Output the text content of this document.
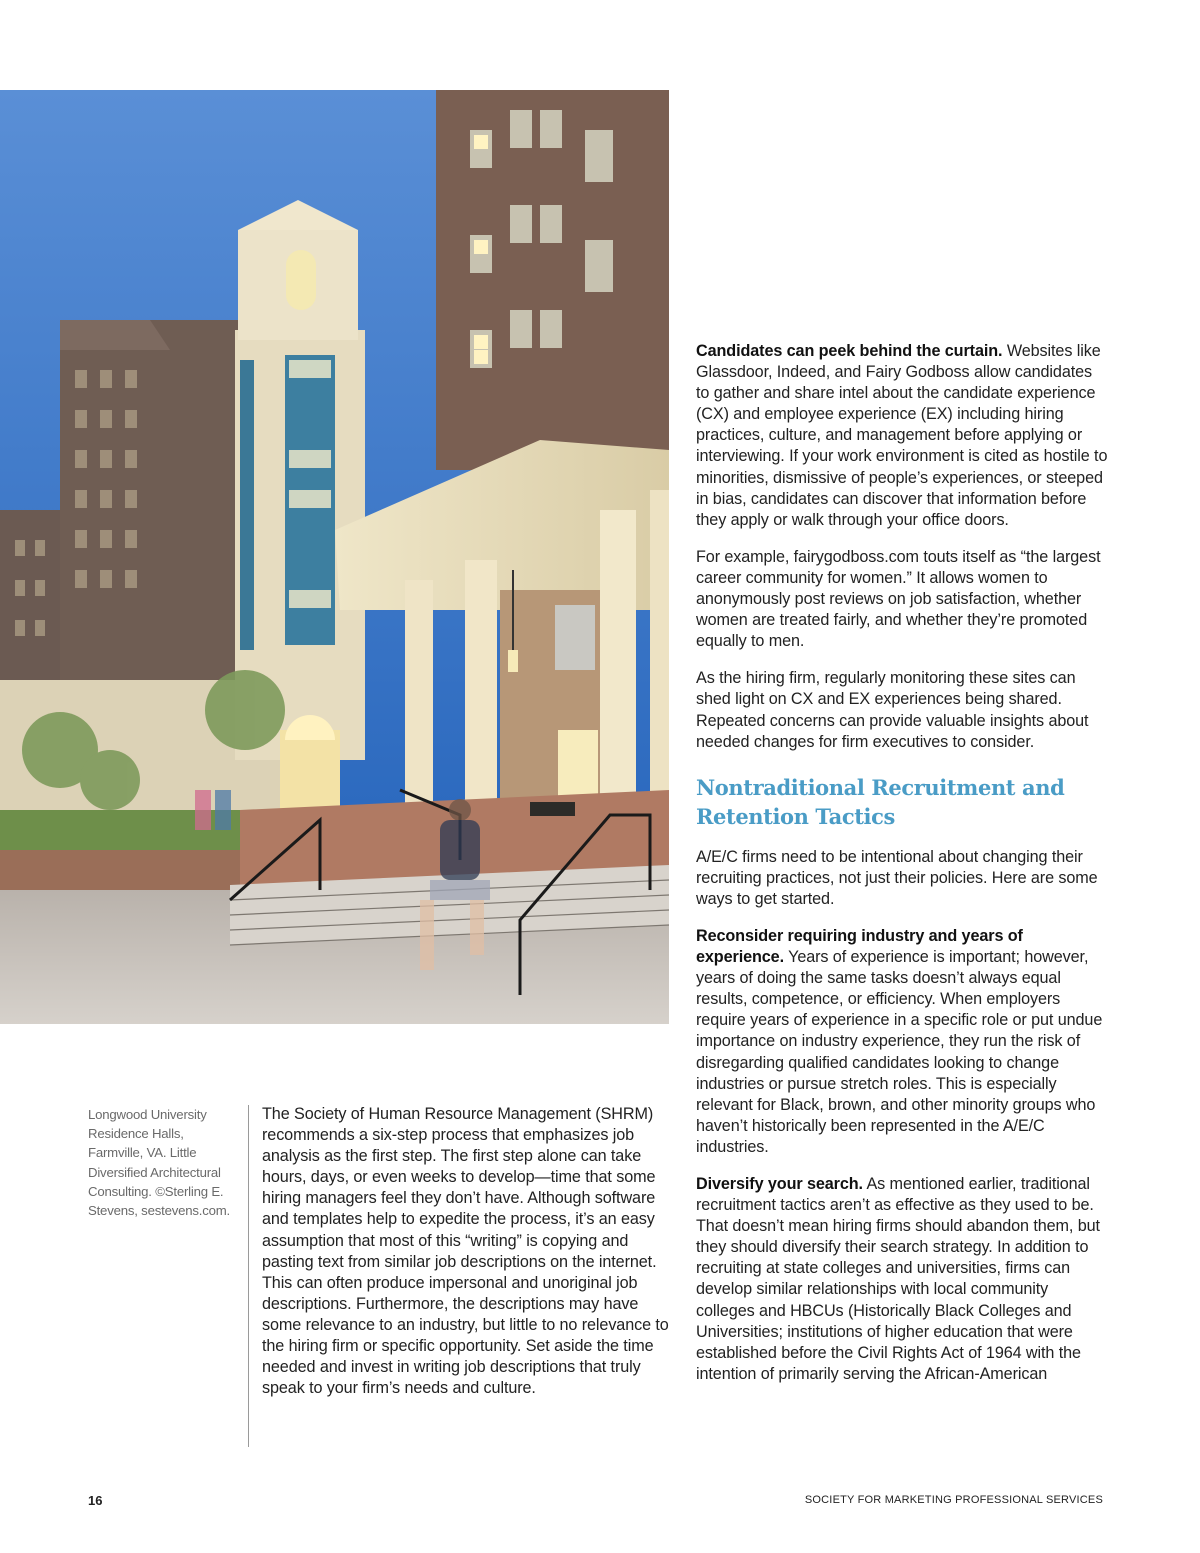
Longwood University
Residence Halls,
Farmville, VA. Little
Diversified Architectural
Consulting. ©Sterling E.
Stevens, sestevens.com.

The Society of Human Resource Management (SHRM) recommends a six-step process that emphasizes job analysis as the first step. The first step alone can take hours, days, or even weeks to develop—time that some hiring managers feel they don’t have. Although software and templates help to expedite the process, it’s an easy assumption that most of this “writing” is copying and pasting text from similar job descriptions on the internet. This can often produce impersonal and unoriginal job descriptions. Furthermore, the descriptions may have some relevance to an industry, but little to no relevance to the hiring firm or specific opportunity. Set aside the time needed and invest in writing job descriptions that truly speak to your firm’s needs and culture.

Candidates can peek behind the curtain. Websites like Glassdoor, Indeed, and Fairy Godboss allow candidates to gather and share intel about the candidate experience (CX) and employee experience (EX) including hiring practices, culture, and management before applying or interviewing. If your work environment is cited as hostile to minorities, dismissive of people’s experiences, or steeped in bias, candidates can discover that information before they apply or walk through your office doors.

For example, fairygodboss.com touts itself as “the largest career community for women.” It allows women to anonymously post reviews on job satisfaction, whether women are treated fairly, and whether they’re promoted equally to men.

As the hiring firm, regularly monitoring these sites can shed light on CX and EX experiences being shared. Repeated concerns can provide valuable insights about needed changes for firm executives to consider.

Nontraditional Recruitment and
Retention Tactics

A/E/C firms need to be intentional about changing their recruiting practices, not just their policies. Here are some ways to get started.

Reconsider requiring industry and years of experience. Years of experience is important; however, years of doing the same tasks doesn’t always equal results, competence, or efficiency. When employers require years of experience in a specific role or put undue importance on industry experience, they run the risk of disregarding qualified candidates looking to change industries or pursue stretch roles. This is especially relevant for Black, brown, and other minority groups who haven’t historically been represented in the A/E/C industries.

Diversify your search. As mentioned earlier, traditional recruitment tactics aren’t as effective as they used to be. That doesn’t mean hiring firms should abandon them, but they should diversify their search strategy. In addition to recruiting at state colleges and universities, firms can develop similar relationships with local community colleges and HBCUs (Historically Black Colleges and Universities; institutions of higher education that were established before the Civil Rights Act of 1964 with the intention of primarily serving the African-American

16	SOCIETY FOR MARKETING PROFESSIONAL SERVICES
